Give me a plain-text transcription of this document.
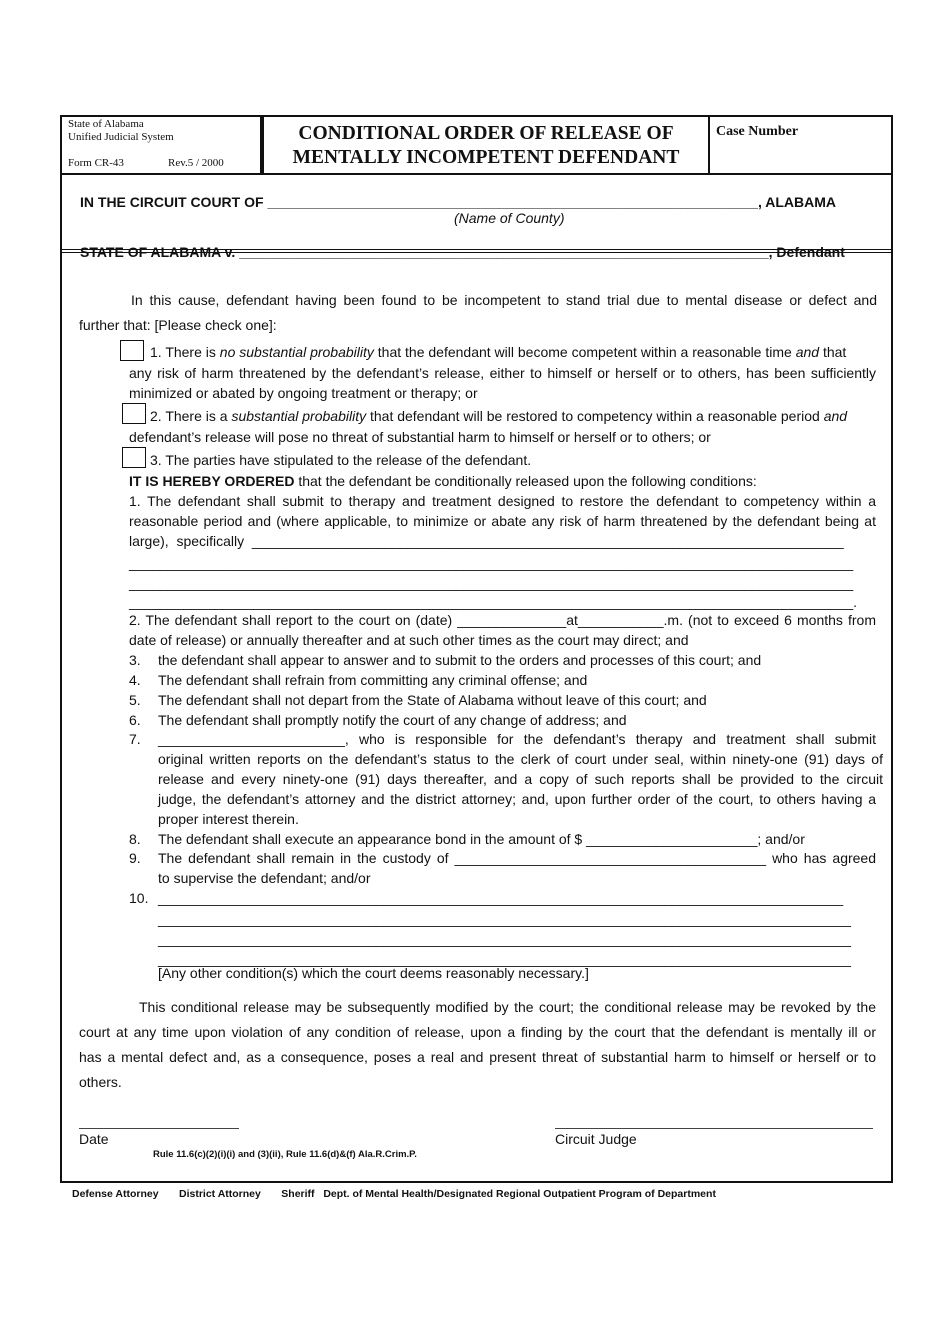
State of Alabama
Unified Judicial System
Form CR-43	Rev.5 / 2000
CONDITIONAL ORDER OF RELEASE OF
MENTALLY INCOMPETENT DEFENDANT
Case Number
IN THE CIRCUIT COURT OF _______________________________________________________________, ALABAMA
(Name of County)
STATE OF ALABAMA v. ____________________________________________________________________, Defendant
In this cause, defendant having been found to be incompetent to stand trial due to mental disease or defect and
further that: [Please check one]:
1. There is no substantial probability that the defendant will become competent within a reasonable time and that
any risk of harm threatened by the defendant’s release, either to himself or herself or to others, has been sufficiently
minimized or abated by ongoing treatment or therapy; or
2. There is a substantial probability that defendant will be restored to competency within a reasonable period and
defendant’s release will pose no threat of substantial harm to himself or herself or to others; or
3. The parties have stipulated to the release of the defendant.
IT IS HEREBY ORDERED that the defendant be conditionally released upon the following conditions:
1. The defendant shall submit to therapy and treatment designed to restore the defendant to competency within a
reasonable period and (where applicable, to minimize or abate any risk of harm threatened by the defendant being at
large),  specifically  ____________________________________________________________________________
_____________________________________________________________________________________________
_____________________________________________________________________________________________
_____________________________________________________________________________________________.
2. The defendant shall report to the court on (date) ______________at___________.m. (not to exceed 6 months from
date of release) or annually thereafter and at such other times as the court may direct; and
3. the defendant shall appear to answer and to submit to the orders and processes of this court; and
4. The defendant shall refrain from committing any criminal offense; and
5. The defendant shall not depart from the State of Alabama without leave of this court; and
6. The defendant shall promptly notify the court of any change of address; and
7. ________________________, who is responsible for the defendant’s therapy and treatment shall submit
original written reports on the defendant’s status to the clerk of court under seal, within ninety-one (91) days of
release and every ninety-one (91) days thereafter, and a copy of such reports shall be provided to the circuit
judge, the defendant’s attorney and the district attorney; and, upon further order of the court, to others having a
proper interest therein.
8. The defendant shall execute an appearance bond in the amount of $ ______________________; and/or
9. The defendant shall remain in the custody of ________________________________________ who has agreed
to supervise the defendant; and/or
10. ________________________________________________________________________________________
_________________________________________________________________________________________
_________________________________________________________________________________________
_________________________________________________________________________________________
[Any other condition(s) which the court deems reasonably necessary.]
This conditional release may be subsequently modified by the court; the conditional release may be revoked by the
court at any time upon violation of any condition of release, upon a finding by the court that the defendant is mentally ill or
has a mental defect and, as a consequence, poses a real and present threat of substantial harm to himself or herself or to
others.
Date	Circuit Judge
Rule 11.6(c)(2)(i)(i) and (3)(ii), Rule 11.6(d)&(f) Ala.R.Crim.P.
Defense Attorney District Attorney Sheriff Dept. of Mental Health/Designated Regional Outpatient Program of Department
